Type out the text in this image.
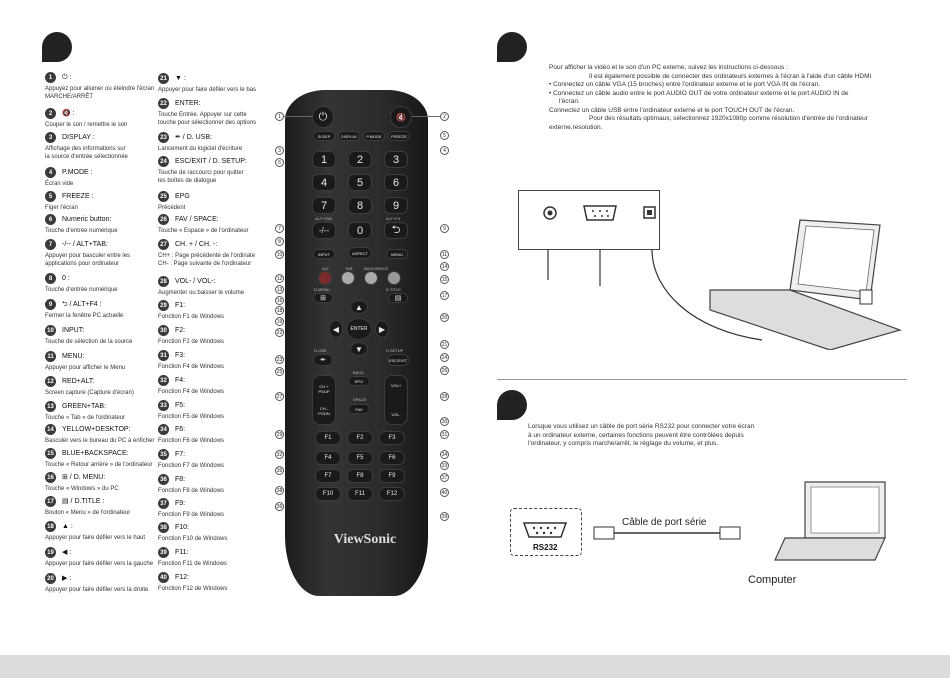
1	⏻ :
Appuyez pour allumer ou éteindre l'écran
MARCHE/ARRÊT
2	🔇 :
Couper le son / remettre le son
3	DISPLAY :
Affichage des informations sur
la source d'entrée sélectionnée
4	P.MODE :
Écran vide
5	FREEZE :
Figer l'écran
6	Numeric button:
Touche d'entrée numérique
7	-/-- / ALT+TAB:
Appuyer pour basculer entre les
applications pour ordinateur
8	0 :
Touche d'entrée numérique
9	⮌ / ALT+F4 :
Fermer la fenêtre PC actuelle
10	INPUT:
Touche de sélection de la source
11	MENU:
Appuyer pour afficher le Menu
12	RED+ALT:
Screen capture (Capture d'écran)
13	GREEN+TAB:
Touche « Tab » de l'ordinateur
14	YELLOW+DESKTOP:
Basculer vers le bureau du PC à enficher
15	BLUE+BACKSPACE:
Touche « Retour arrière » de l'ordinateur
16	⊞ / D. MENU:
Touche « Windows » du PC
17	▤ / D.TITLE :
Bouton « Menu » de l'ordinateur
18	▲ :
Appuyer pour faire défiler vers le haut
19	◀ :
Appuyer pour faire défiler vers la gauche
20	▶ :
Appuyer pour faire défiler vers la droite
21	▼ :
Appuyer pour faire défiler vers le bas
22	ENTER:
Touche Entrée. Appuyer sur cette
touche pour sélectionner des options
23	✒ / D. USB:
Lancement du logiciel d'écriture
24	ESC/EXIT / D. SETUP:
Touche de raccourci pour quitter
les boîtes de dialogue
25	EPG
Précédent
26	FAV / SPACE:
Touche « Espace » de l'ordinateur
27	CH. + / CH. -:
CH+ : Page précédente de l'ordinate
CH- : Page suivante de l'ordinateur
28	VOL- / VOL-:
Augmenter ou baisser le volume
29	F1:
Fonction F1 de Windows
30	F2:
Fonction F2 de Windows
31	F3:
Fonction F4 de Windows
32	F4:
Fonction F4 de Windows
33	F5:
Fonction F5 de Windows
34	F6:
Fonction F6 de Windows
35	F7:
Fonction F7 de Windows
36	F8:
Fonction F8 de Windows
37	F9:
Fonction F9 de Windows
38	F10:
Fonction F10 de Windows
39	F11:
Fonction F11 de Windows
40	F12:
Fonction F12 de Windows
⏻	🔇
SLEEP	DISPLAY	P.MODE	FREEZE
1	2	3
4	5	6
7	8	9
ALT+TAB	ALT+F4
-/--	0	⮌
INPUT	ASPECT	MENU
ALT	TAB	BACKSPACE
D.MENU	D.TITLE
⊞	▤
▲
◀	ENTER	▶
▼
D.USB	D.SETUP
✒	ESC/EXIT
BACK
EPG
SPACE
FAV
CH.+
PGUP
CH.-
PGDN
VOL+
VOL-
F1	F2	F3
F4	F5	F6
F7	F8	F9
F10	F11	F12
ViewSonic
1	2
3
6
5
4
7
8
9
10	11
12
13
16
14
15
17
18
19
22
20
21
23
25
24
26
27	28
30
29	31
32	34
33
35
37
38	40
36
39

Pour afficher la vidéo et le son d'un PC externe, suivez les instructions ci-dessous :

Il est également possible de connecter des ordinateurs externes à l'écran à l'aide d'un câble HDMI

• Connectez un câble VGA (15 broches) entre l'ordinateur externe et le port VGA IN de l'écran.

• Connectez un câble audio entre le port AUDIO OUT de votre ordinateur externe et le port AUDIO IN de

l'écran.

Connectez un câble USB entre l'ordinateur externe et le port TOUCH OUT de l'écran.

Pour des résultats optimaux, sélectionnez 1920x1080p comme résolution d'entrée de l'ordinateur

externe.resolution.

Lorsque vous utilisez un câble de port série RS232 pour connecter votre écran

à un ordinateur externe, certaines fonctions peuvent être contrôlées depuis

l'ordinateur, y compris marche/arrêt, le réglage du volume, et plus.

RS232
Câble de port série
Computer
